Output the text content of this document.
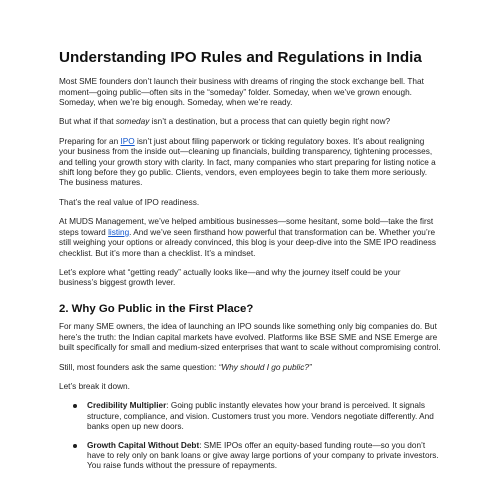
Understanding IPO Rules and Regulations in India

Most SME founders don’t launch their business with dreams of ringing the stock exchange bell. That moment—going public—often sits in the “someday” folder. Someday, when we’ve grown enough. Someday, when we’re big enough. Someday, when we’re ready.

But what if that someday isn’t a destination, but a process that can quietly begin right now?

Preparing for an IPO isn’t just about filing paperwork or ticking regulatory boxes. It’s about realigning your business from the inside out—cleaning up financials, building transparency, tightening processes, and telling your growth story with clarity. In fact, many companies who start preparing for listing notice a shift long before they go public. Clients, vendors, even employees begin to take them more seriously. The business matures.

That’s the real value of IPO readiness.

At MUDS Management, we’ve helped ambitious businesses—some hesitant, some bold—take the first steps toward listing. And we’ve seen firsthand how powerful that transformation can be. Whether you’re still weighing your options or already convinced, this blog is your deep-dive into the SME IPO readiness checklist. But it’s more than a checklist. It’s a mindset.

Let’s explore what “getting ready” actually looks like—and why the journey itself could be your business’s biggest growth lever.

2. Why Go Public in the First Place?

For many SME owners, the idea of launching an IPO sounds like something only big companies do. But here’s the truth: the Indian capital markets have evolved. Platforms like BSE SME and NSE Emerge are built specifically for small and medium-sized enterprises that want to scale without compromising control.

Still, most founders ask the same question: “Why should I go public?”

Let’s break it down.

Credibility Multiplier: Going public instantly elevates how your brand is perceived. It signals structure, compliance, and vision. Customers trust you more. Vendors negotiate differently. And banks open up new doors.
Growth Capital Without Debt: SME IPOs offer an equity-based funding route—so you don’t have to rely only on bank loans or give away large portions of your company to private investors. You raise funds without the pressure of repayments.
